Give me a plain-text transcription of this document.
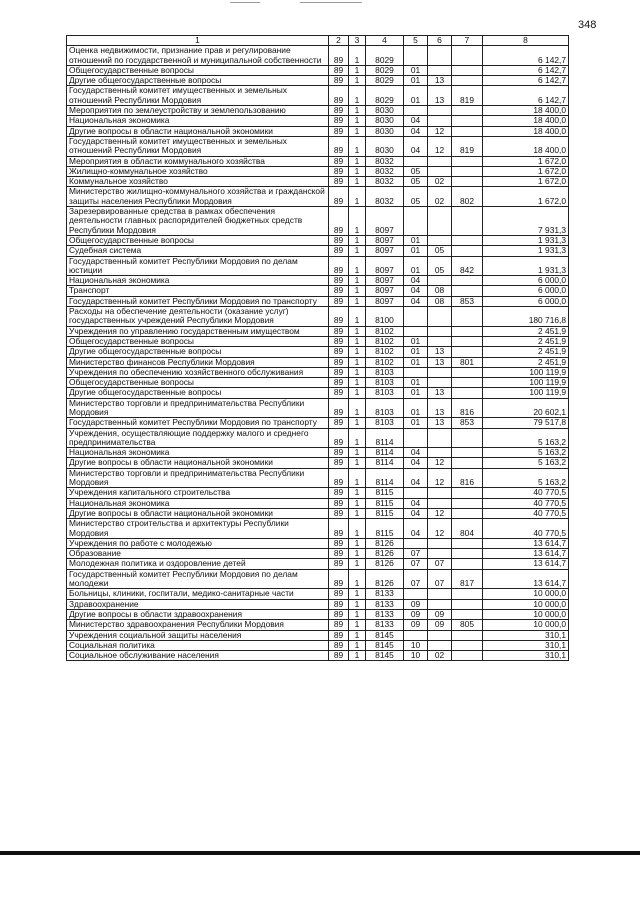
348
1	2	3	4	5	6	7	8
Оценка недвижимости, признание прав и регулирование отношений по государственной и муниципальной собственности	89	1	8029				6 142,7
Общегосударственные вопросы	89	1	8029	01			6 142,7
Другие общегосударственные вопросы	89	1	8029	01	13		6 142,7
Государственный комитет имущественных и земельных отношений Республики Мордовия	89	1	8029	01	13	819	6 142,7
Мероприятия по землеустройству и землепользованию	89	1	8030				18 400,0
Национальная экономика	89	1	8030	04			18 400,0
Другие вопросы в области национальной экономики	89	1	8030	04	12		18 400,0
Государственный комитет имущественных и земельных отношений Республики Мордовия	89	1	8030	04	12	819	18 400,0
Мероприятия в области коммунального хозяйства	89	1	8032				1 672,0
Жилищно-коммунальное хозяйство	89	1	8032	05			1 672,0
Коммунальное хозяйство	89	1	8032	05	02		1 672,0
Министерство жилищно-коммунального хозяйства и гражданской защиты населения Республики Мордовия	89	1	8032	05	02	802	1 672,0
Зарезервированные средства в рамках обеспечения деятельности главных распорядителей бюджетных средств Республики Мордовия	89	1	8097				7 931,3
Общегосударственные вопросы	89	1	8097	01			1 931,3
Судебная система	89	1	8097	01	05		1 931,3
Государственный комитет Республики Мордовия по делам юстиции	89	1	8097	01	05	842	1 931,3
Национальная экономика	89	1	8097	04			6 000,0
Транспорт	89	1	8097	04	08		6 000,0
Государственный комитет Республики Мордовия по транспорту	89	1	8097	04	08	853	6 000,0
Расходы на обеспечение деятельности (оказание услуг) государственных учреждений Республики Мордовия	89	1	8100				180 716,8
Учреждения по управлению государственным имуществом	89	1	8102				2 451,9
Общегосударственные вопросы	89	1	8102	01			2 451,9
Другие общегосударственные вопросы	89	1	8102	01	13		2 451,9
Министерство финансов Республики Мордовия	89	1	8102	01	13	801	2 451,9
Учреждения по обеспечению хозяйственного обслуживания	89	1	8103				100 119,9
Общегосударственные вопросы	89	1	8103	01			100 119,9
Другие общегосударственные вопросы	89	1	8103	01	13		100 119,9
Министерство торговли и предпринимательства Республики Мордовия	89	1	8103	01	13	816	20 602,1
Государственный комитет Республики Мордовия по транспорту	89	1	8103	01	13	853	79 517,8
Учреждения, осуществляющие поддержку малого и среднего предпринимательства	89	1	8114				5 163,2
Национальная экономика	89	1	8114	04			5 163,2
Другие вопросы в области национальной экономики	89	1	8114	04	12		5 163,2
Министерство торговли и предпринимательства Республики Мордовия	89	1	8114	04	12	816	5 163,2
Учреждения капитального строительства	89	1	8115				40 770,5
Национальная экономика	89	1	8115	04			40 770,5
Другие вопросы в области национальной экономики	89	1	8115	04	12		40 770,5
Министерство строительства и архитектуры Республики Мордовия	89	1	8115	04	12	804	40 770,5
Учреждения по работе с молодежью	89	1	8126				13 614,7
Образование	89	1	8126	07			13 614,7
Молодежная политика и оздоровление детей	89	1	8126	07	07		13 614,7
Государственный комитет Республики Мордовия по делам молодежи	89	1	8126	07	07	817	13 614,7
Больницы, клиники, госпитали, медико-санитарные части	89	1	8133				10 000,0
Здравоохранение	89	1	8133	09			10 000,0
Другие вопросы в области здравоохранения	89	1	8133	09	09		10 000,0
Министерство здравоохранения Республики Мордовия	89	1	8133	09	09	805	10 000,0
Учреждения социальной защиты населения	89	1	8145				310,1
Социальная политика	89	1	8145	10			310,1
Социальное обслуживание населения	89	1	8145	10	02		310,1
